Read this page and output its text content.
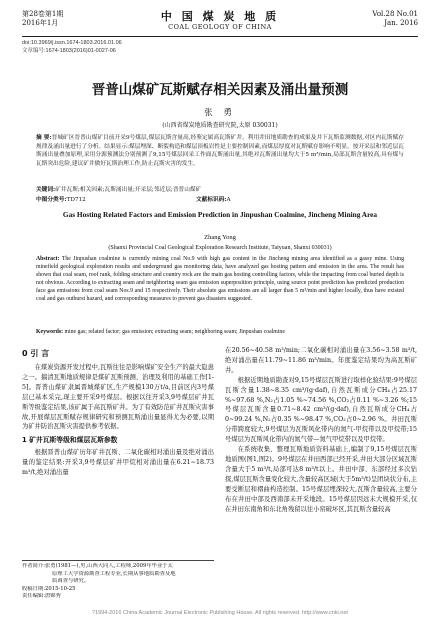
第28卷第1期
2016年1月	中 国 煤 炭 地 质
COAL GEOLOGY OF CHINA
Vol.28 No.01
Jan. 2016
doi:10.3969/j.issn.1674-1803.2016.01.06
文章编号:1674-1803(2016)01-0027-06
晋普山煤矿瓦斯赋存相关因素及涌出量预测
张 勇
(山西省煤炭地质勘查研究院,太原 030031)
摘 要:晋城矿区晋普山煤矿目前开采9号煤层,煤层瓦斯含量高,经鉴定属高瓦斯矿井。利用井田地质勘查的成果及井下瓦斯监测数据,对区内瓦斯赋存规律及涌出量进行了分析。结果显示:煤层埋深、断裂构造和煤层顶板岩性是主要控制因素,而煤层厚度对瓦斯赋存影响不明显。按开采层和邻近层瓦斯涌出量叠加原理,采用分源预测法分别预测了9,15号煤层回采工作面瓦斯涌出量,其绝对瓦斯涌出量均大于5 m³/min,局部瓦斯含量较高,具有煤与瓦斯突出危险,建议矿井做好瓦斯治理工作,防止瓦斯灾害的发生。
关键词:矿井瓦斯;相关因素;瓦斯涌出量;开采层;邻近层;晋普山煤矿
中图分类号: TD712	文献标识码: A
Gas Hosting Related Factors and Emission Prediction in Jinpushan Coalmine, Jincheng Mining Area
Zhang Yong
(Shanxi Provincial Coal Geological Exploration Research Institute, Taiyuan, Shanxi 030031)
Abstract: The Jinpushan coalmine is currently mining coal No.9 with high gas content in the Jincheng mining area identified as a gassy mine. Using minefield geological exploration results and underground gas monitoring data, have analyzed gas hosting pattern and emission in the area. The result has shown that coal seam, roof rank, folding structure and country rock are the main gas hosting controlling factors, while the impacting from coal buried depth is not obvious. According to extracting seam and neighboring seam gas emission superposition principle, using source point prediction has predicted production face gas emissions from coal seam Nos.9 and 15 respectively. Their absolute gas emissions are all larger than 5 m³/min and higher locally, thus have existed coal and gas outburst hazard, and corresponding measures to prevent gas disasters suggested.
Keywords: mine gas; related factor; gas emission; extracting seam; neighboring seam; Jinpushan coalmine
0 引 言

在煤炭资源开发过程中,瓦斯往往是影响煤矿安全生产的最大隐患之一。搞清瓦斯地质规律是煤矿瓦斯预测、治理及利用的基础工作[1-5]。晋普山煤矿隶属晋城煤矿区,生产规模130万t/a,目前区内3号煤层已基本采完,现主要开采9号煤层。根据以往开采3,9号煤层矿井瓦斯等级鉴定结果,该矿属于高瓦斯矿井。为了有效防范矿井瓦斯灾害事故,开展煤层瓦斯赋存规律研究和预测瓦斯涌出量显得尤为必要,以期为矿井防治瓦斯灾害提供参考依据。

1 矿井瓦斯等级和煤层瓦斯参数

根据晋普山煤矿历年矿井瓦斯、二氧化碳相对涌出量及绝对涌出量的鉴定结果:开采3,9号煤层矿井甲烷相对涌出量在6.21~18.73 m³/t,绝对涌出量

在20.56~40.58 m³/min;二氧化碳相对涌出量在3.56~3.58 m³/t,绝对涌出量在11.79~11.86 m³/min。年度鉴定结果均为高瓦斯矿井。

根据近期地质勘查对9,15号煤层瓦斯进行取样化验结果:9号煤层瓦斯含量1.38~8.35 cm³/(g·daf),自然瓦斯成分CH₄占25.17 %~97.68 %,N₂占1.05 %~74.56 %,CO₂占0.11 %~3.26 %;15号煤层瓦斯含量0.71~8.42 cm³/(g·daf),自然瓦斯成分CH₄占0~99.24 %,N₂占0.35 %~98.47 %,CO₂占0~2.96 %。井田瓦斯分带跨度较大,9号煤层为瓦斯风化带内的氮气-甲烷带以及甲烷带;15号煤层为瓦斯风化带内的氮气带—氮气甲烷带以及甲烷带。

在系统收集、整理瓦斯地质资料基础上,编制了9,15号煤层瓦斯地质图(图1,图2)。9号煤层在井田西部已经开采,井田大部分区域瓦斯含量大于5 m³/t,局部可达8 m³/t以上。井田中部、东部经过多次钻探,煤层瓦斯含量变化较大,含量较高区域(大于5m³/t)呈团块状分布,主要受断层和褶曲构造控制。15号煤层埋深较大,瓦斯含量较高,主要分布在井田中部及西南部未开采地段。15号煤层因远未大规模开采,仅在井田东南角和东北角残留以往小窑破坏区,其瓦斯含量较高

作者简介:张勇(1981—),男,山西大同人,工程师,2009年毕业于太
原理工大学资源勘查工程专业,长期从事地质勘查及地
质调查与研究。
收稿日期:2015-10-25
责任编辑:唐锦秀
?1994-2016 China Academic Journal Electronic Publishing House. All rights reserved. http://www.cnki.net
